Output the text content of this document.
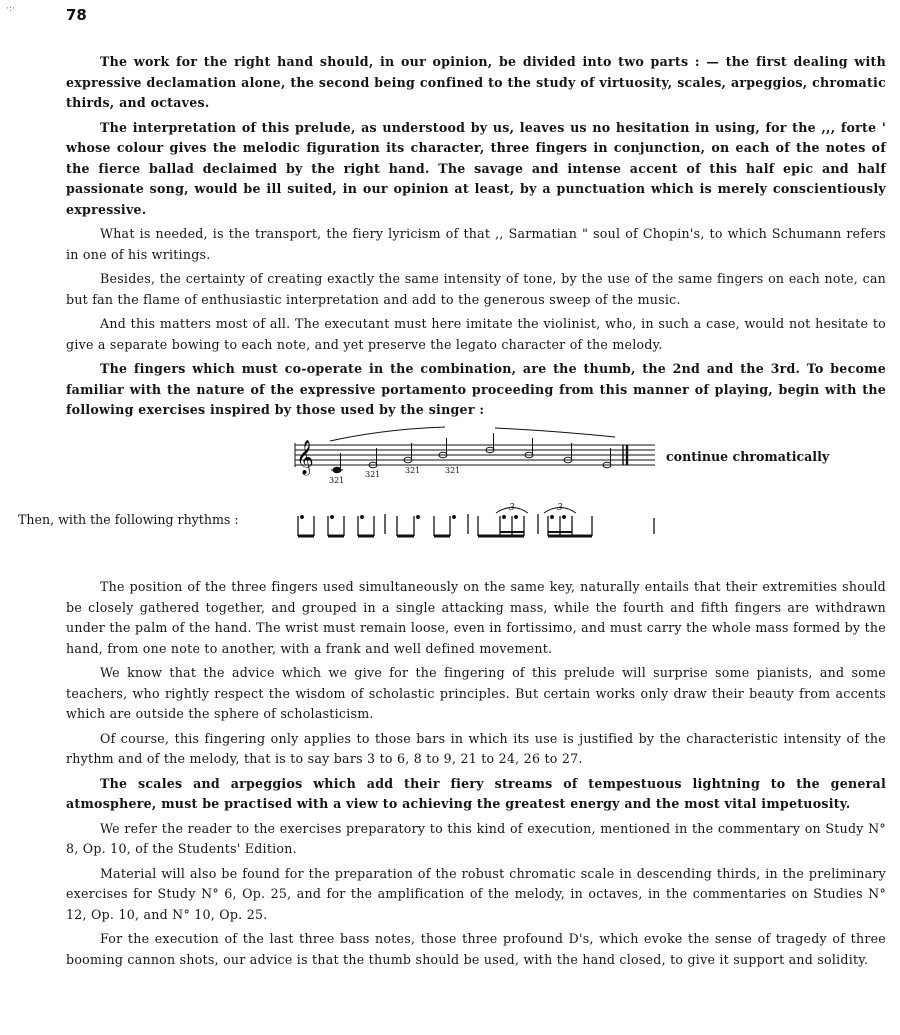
·:·	78

The work for the right hand should, in our opinion, be divided into two parts : — the first dealing with expressive declamation alone, the second being confined to the study of virtuosity, scales, arpeggios, chromatic thirds, and octaves.

The interpretation of this prelude, as understood by us, leaves us no hesitation in using, for the ,,, forte ' whose colour gives the melodic figuration its character, three fingers in conjunction, on each of the notes of the fierce ballad declaimed by the right hand. The savage and intense accent of this half epic and half passionate song, would be ill suited, in our opinion at least, by a punctuation which is merely conscientiously expressive.

What is needed, is the transport, the fiery lyricism of that ,, Sarmatian " soul of Chopin's, to which Schumann refers in one of his writings.

Besides, the certainty of creating exactly the same intensity of tone, by the use of the same fingers on each note, can but fan the flame of enthusiastic interpretation and add to the generous sweep of the music.

And this matters most of all. The executant must here imitate the violinist, who, in such a case, would not hesitate to give a separate bowing to each note, and yet preserve the legato character of the melody.

The fingers which must co-operate in the combination, are the thumb, the 2nd and the 3rd. To become familiar with the nature of the expressive portamento proceeding from this manner of playing, begin with the following exercises inspired by those used by the singer :

𝄞
321
321	321	321
continue chromatically
Then, with the following rhythms :
3	3

The position of the three fingers used simultaneously on the same key, naturally entails that their extremities should be closely gathered together, and grouped in a single attacking mass, while the fourth and fifth fingers are withdrawn under the palm of the hand. The wrist must remain loose, even in fortissimo, and must carry the whole mass formed by the hand, from one note to another, with a frank and well defined movement.

We know that the advice which we give for the fingering of this prelude will surprise some pianists, and some teachers, who rightly respect the wisdom of scholastic principles. But certain works only draw their beauty from accents which are outside the sphere of scholasticism.

Of course, this fingering only applies to those bars in which its use is justified by the characteristic intensity of the rhythm and of the melody, that is to say bars 3 to 6, 8 to 9, 21 to 24, 26 to 27.

The scales and arpeggios which add their fiery streams of tempestuous lightning to the general atmosphere, must be practised with a view to achieving the greatest energy and the most vital impetuosity.

We refer the reader to the exercises preparatory to this kind of execution, mentioned in the commentary on Study N° 8, Op. 10, of the Students' Edition.

Material will also be found for the preparation of the robust chromatic scale in descending thirds, in the preliminary exercises for Study N° 6, Op. 25, and for the amplification of the melody, in octaves, in the commentaries on Studies N° 12, Op. 10, and N° 10, Op. 25.

For the execution of the last three bass notes, those three profound D's, which evoke the sense of tragedy of three booming cannon shots, our advice is that the thumb should be used, with the hand closed, to give it support and solidity.
